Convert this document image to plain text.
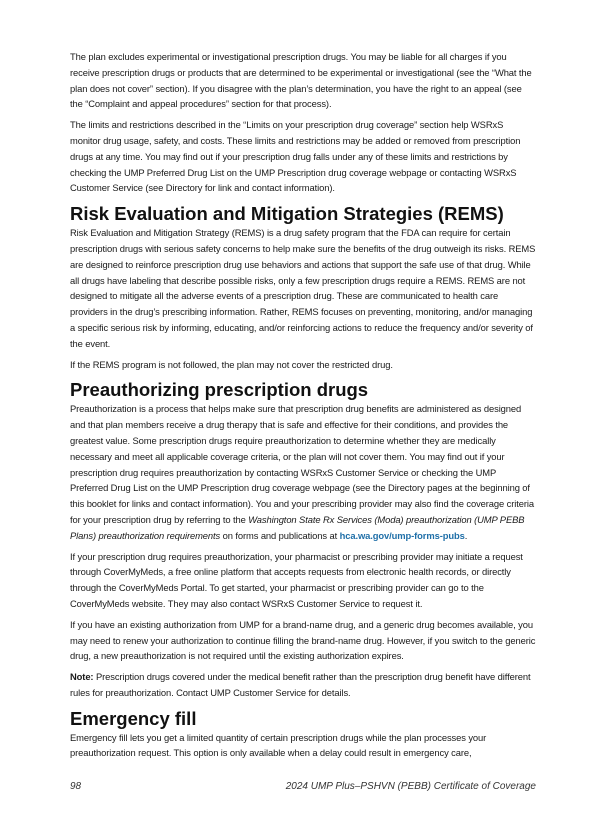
The plan excludes experimental or investigational prescription drugs. You may be liable for all charges if you receive prescription drugs or products that are determined to be experimental or investigational (see the “What the plan does not cover” section). If you disagree with the plan’s determination, you have the right to an appeal (see the “Complaint and appeal procedures” section for that process).

The limits and restrictions described in the “Limits on your prescription drug coverage” section help WSRxS monitor drug usage, safety, and costs. These limits and restrictions may be added or removed from prescription drugs at any time. You may find out if your prescription drug falls under any of these limits and restrictions by checking the UMP Preferred Drug List on the UMP Prescription drug coverage webpage or contacting WSRxS Customer Service (see Directory for link and contact information).

Risk Evaluation and Mitigation Strategies (REMS)

Risk Evaluation and Mitigation Strategy (REMS) is a drug safety program that the FDA can require for certain prescription drugs with serious safety concerns to help make sure the benefits of the drug outweigh its risks. REMS are designed to reinforce prescription drug use behaviors and actions that support the safe use of that drug. While all drugs have labeling that describe possible risks, only a few prescription drugs require a REMS. REMS are not designed to mitigate all the adverse events of a prescription drug. These are communicated to health care providers in the drug’s prescribing information. Rather, REMS focuses on preventing, monitoring, and/or managing a specific serious risk by informing, educating, and/or reinforcing actions to reduce the frequency and/or severity of the event.

If the REMS program is not followed, the plan may not cover the restricted drug.

Preauthorizing prescription drugs

Preauthorization is a process that helps make sure that prescription drug benefits are administered as designed and that plan members receive a drug therapy that is safe and effective for their conditions, and provides the greatest value. Some prescription drugs require preauthorization to determine whether they are medically necessary and meet all applicable coverage criteria, or the plan will not cover them. You may find out if your prescription drug requires preauthorization by contacting WSRxS Customer Service or checking the UMP Preferred Drug List on the UMP Prescription drug coverage webpage (see the Directory pages at the beginning of this booklet for links and contact information). You and your prescribing provider may also find the coverage criteria for your prescription drug by referring to the Washington State Rx Services (Moda) preauthorization (UMP PEBB Plans) preauthorization requirements on forms and publications at hca.wa.gov/ump-forms-pubs.

If your prescription drug requires preauthorization, your pharmacist or prescribing provider may initiate a request through CoverMyMeds, a free online platform that accepts requests from electronic health records, or directly through the CoverMyMeds Portal. To get started, your pharmacist or prescribing provider can go to the CoverMyMeds website. They may also contact WSRxS Customer Service to request it.

If you have an existing authorization from UMP for a brand-name drug, and a generic drug becomes available, you may need to renew your authorization to continue filling the brand-name drug. However, if you switch to the generic drug, a new preauthorization is not required until the existing authorization expires.

Note: Prescription drugs covered under the medical benefit rather than the prescription drug benefit have different rules for preauthorization. Contact UMP Customer Service for details.

Emergency fill

Emergency fill lets you get a limited quantity of certain prescription drugs while the plan processes your preauthorization request. This option is only available when a delay could result in emergency care,

98	2024 UMP Plus–PSHVN (PEBB) Certificate of Coverage
